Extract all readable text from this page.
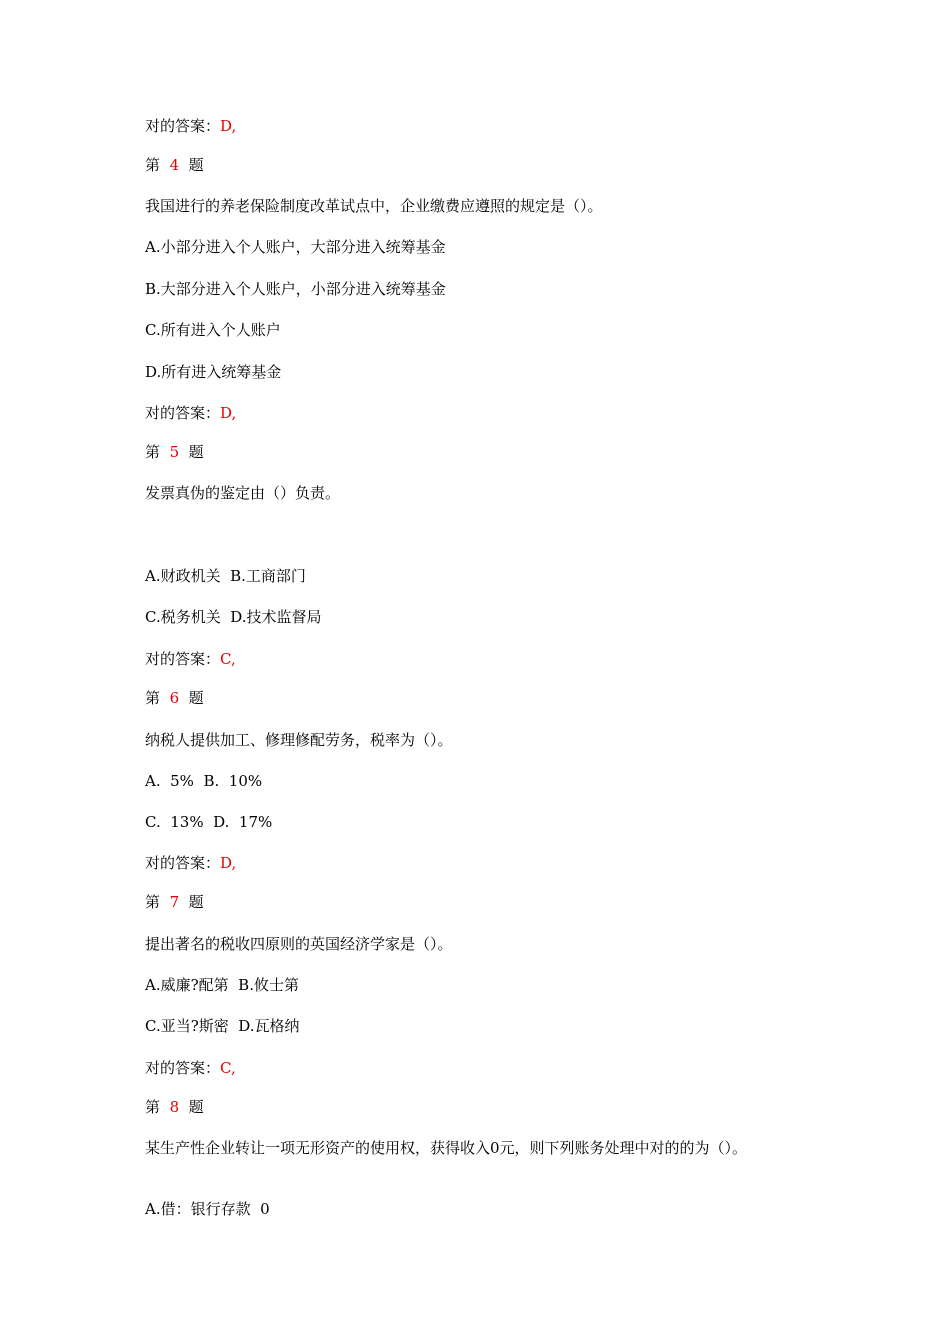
对的答案：D,
第 4 题
我国进行的养老保险制度改革试点中，企业缴费应遵照的规定是（）。
A.小部分进入个人账户，大部分进入统筹基金
B.大部分进入个人账户，小部分进入统筹基金
C.所有进入个人账户
D.所有进入统筹基金
对的答案：D,
第 5 题
发票真伪的鉴定由（）负责。
A.财政机关  B.工商部门
C.税务机关  D.技术监督局
对的答案：C,
第 6 题
纳税人提供加工、修理修配劳务，税率为（）。
A.  5%  B.  10%
C.  13%  D.  17%
对的答案：D,
第 7 题
提出著名的税收四原则的英国经济学家是（）。
A.威廉?配第  B.攸士第
C.亚当?斯密  D.瓦格纳
对的答案：C,
第 8 题
某生产性企业转让一项无形资产的使用权，获得收入0元，则下列账务处理中对的的为（）。
A.借：银行存款  0
